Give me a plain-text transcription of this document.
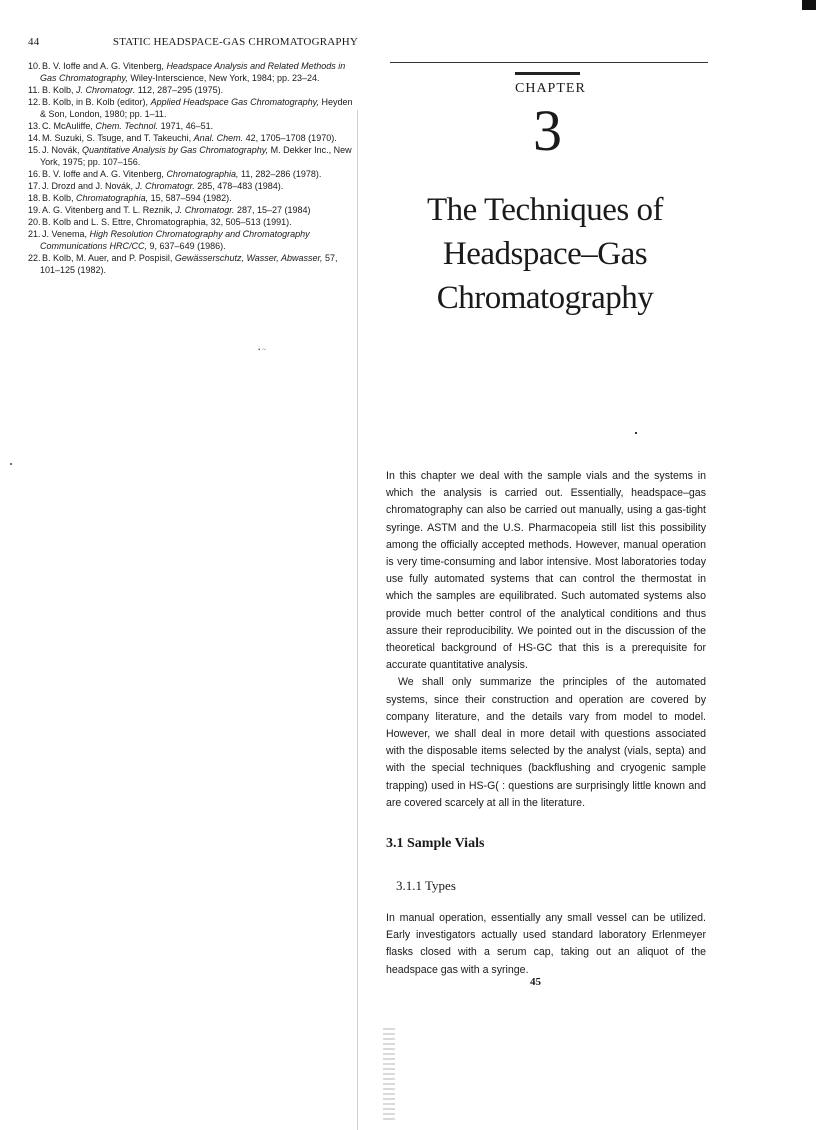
44	STATIC HEADSPACE-GAS CHROMATOGRAPHY

10.B. V. Ioffe and A. G. Vitenberg, Headspace Analysis and Related Methods in Gas Chromatography, Wiley-Interscience, New York, 1984; pp. 23–24.

11. B. Kolb, J. Chromatogr. 112, 287–295 (1975).

12.B. Kolb, in B. Kolb (editor), Applied Headspace Gas Chromatography, Heyden & Son, London, 1980; pp. 1–11.

13.C. McAuliffe, Chem. Technol. 1971, 46–51.

14.M. Suzuki, S. Tsuge, and T. Takeuchi, Anal. Chem. 42, 1705–1708 (1970).

15.J. Novák, Quantitative Analysis by Gas Chromatography, M. Dekker Inc., New York, 1975; pp. 107–156.

16.B. V. Ioffe and A. G. Vitenberg, Chromatographia, 11, 282–286 (1978).

17.J. Drozd and J. Novák, J. Chromatogr. 285, 478–483 (1984).

18.B. Kolb, Chromatographia, 15, 587–594 (1982).

19.A. G. Vitenberg and T. L. Reznik, J. Chromatogr. 287, 15–27 (1984)

20.B. Kolb and L. S. Ettre, Chromatographia, 32, 505–513 (1991).

21.J. Venema, High Resolution Chromatography and Chromatography Communications HRC/CC, 9, 637–649 (1986).

22.B. Kolb, M. Auer, and P. Pospisil, Gewässerschutz, Wasser, Abwasser, 57, 101–125 (1982).

• ~
CHAPTER
3
The Techniques of
Headspace–Gas
Chromatography

In this chapter we deal with the sample vials and the systems in which the analysis is carried out. Essentially, headspace–gas chromatography can also be carried out manually, using a gas-tight syringe. ASTM and the U.S. Pharmacopeia still list this possibility among the officially accepted methods. However, manual operation is very time-consuming and labor intensive. Most laboratories today use fully automated systems that can control the thermostat in which the samples are equilibrated. Such automated systems also provide much better control of the analytical conditions and thus assure their reproducibility. We pointed out in the discussion of the theoretical background of HS-GC that this is a prerequisite for accurate quantitative analysis.

We shall only summarize the principles of the automated systems, since their construction and operation are covered by company literature, and the details vary from model to model. However, we shall deal in more detail with questions associated with the disposable items selected by the analyst (vials, septa) and with the special techniques (backflushing and cryogenic sample trapping) used in HS-G( : questions are surprisingly little known and are covered scarcely at all in the literature.

3.1 Sample Vials
3.1.1 Types

In manual operation, essentially any small vessel can be utilized. Early investigators actually used standard laboratory Erlenmeyer flasks closed with a serum cap, taking out an aliquot of the headspace gas with a syringe.

45
